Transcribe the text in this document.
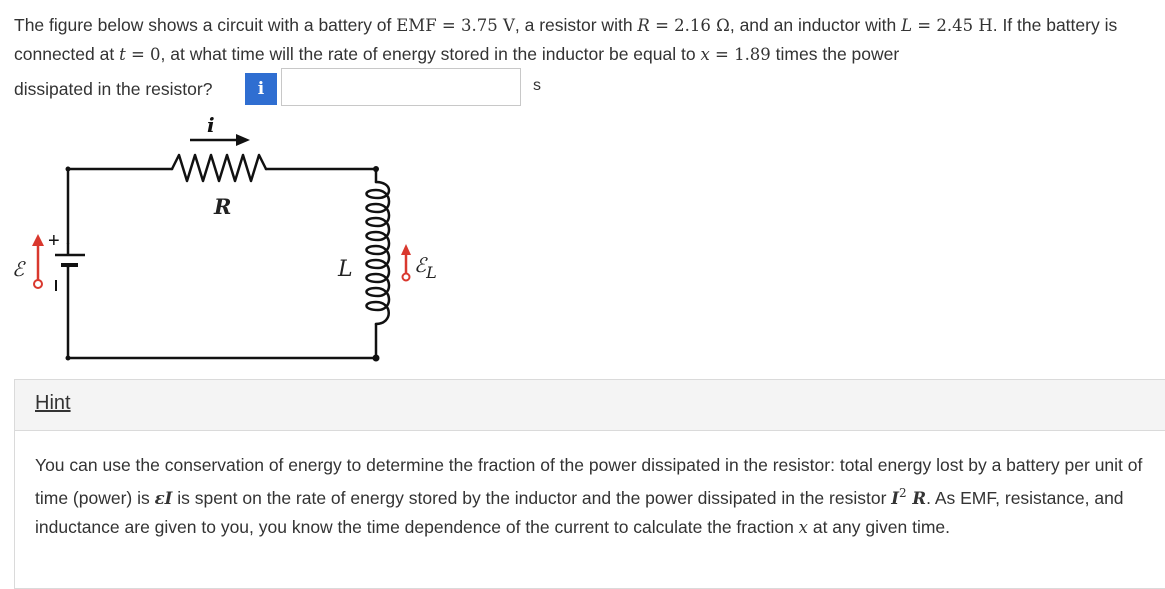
The figure below shows a circuit with a battery of EMF = 3.75 V, a resistor with R = 2.16 Ω, and an inductor with L = 2.45 H. If the battery is connected at t = 0, at what time will the rate of energy stored in the inductor be equal to x = 1.89 times the power
dissipated in the resistor?	i	s
+
ℰ
i
R
L	ℰ$_L$
Hint
You can use the conservation of energy to determine the fraction of the power dissipated in the resistor: total energy lost by a battery per unit of time (power) is εI is spent on the rate of energy stored by the inductor and the power dissipated in the resistor $I^2$ R. As EMF, resistance, and inductance are given to you, you know the time dependence of the current to calculate the fraction x at any given time.
